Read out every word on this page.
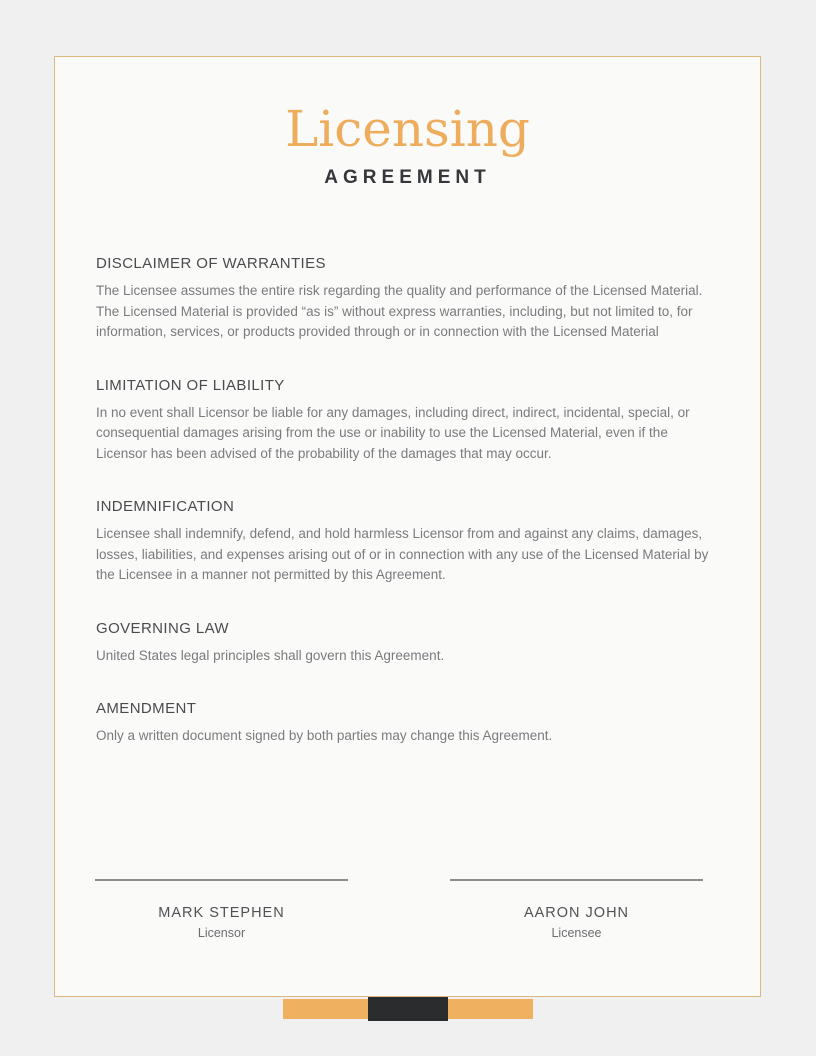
Licensing
AGREEMENT
DISCLAIMER OF WARRANTIES

The Licensee assumes the entire risk regarding the quality and performance of the Licensed Material. The Licensed Material is provided “as is” without express warranties, including, but not limited to, for information, services, or products provided through or in connection with the Licensed Material

LIMITATION OF LIABILITY

In no event shall Licensor be liable for any damages, including direct, indirect, incidental, special, or consequential damages arising from the use or inability to use the Licensed Material, even if the Licensor has been advised of the probability of the damages that may occur.

INDEMNIFICATION

Licensee shall indemnify, defend, and hold harmless Licensor from and against any claims, damages, losses, liabilities, and expenses arising out of or in connection with any use of the Licensed Material by the Licensee in a manner not permitted by this Agreement.

GOVERNING LAW

United States legal principles shall govern this Agreement.

AMENDMENT

Only a written document signed by both parties may change this Agreement.

MARK STEPHEN
Licensor
AARON JOHN
Licensee
